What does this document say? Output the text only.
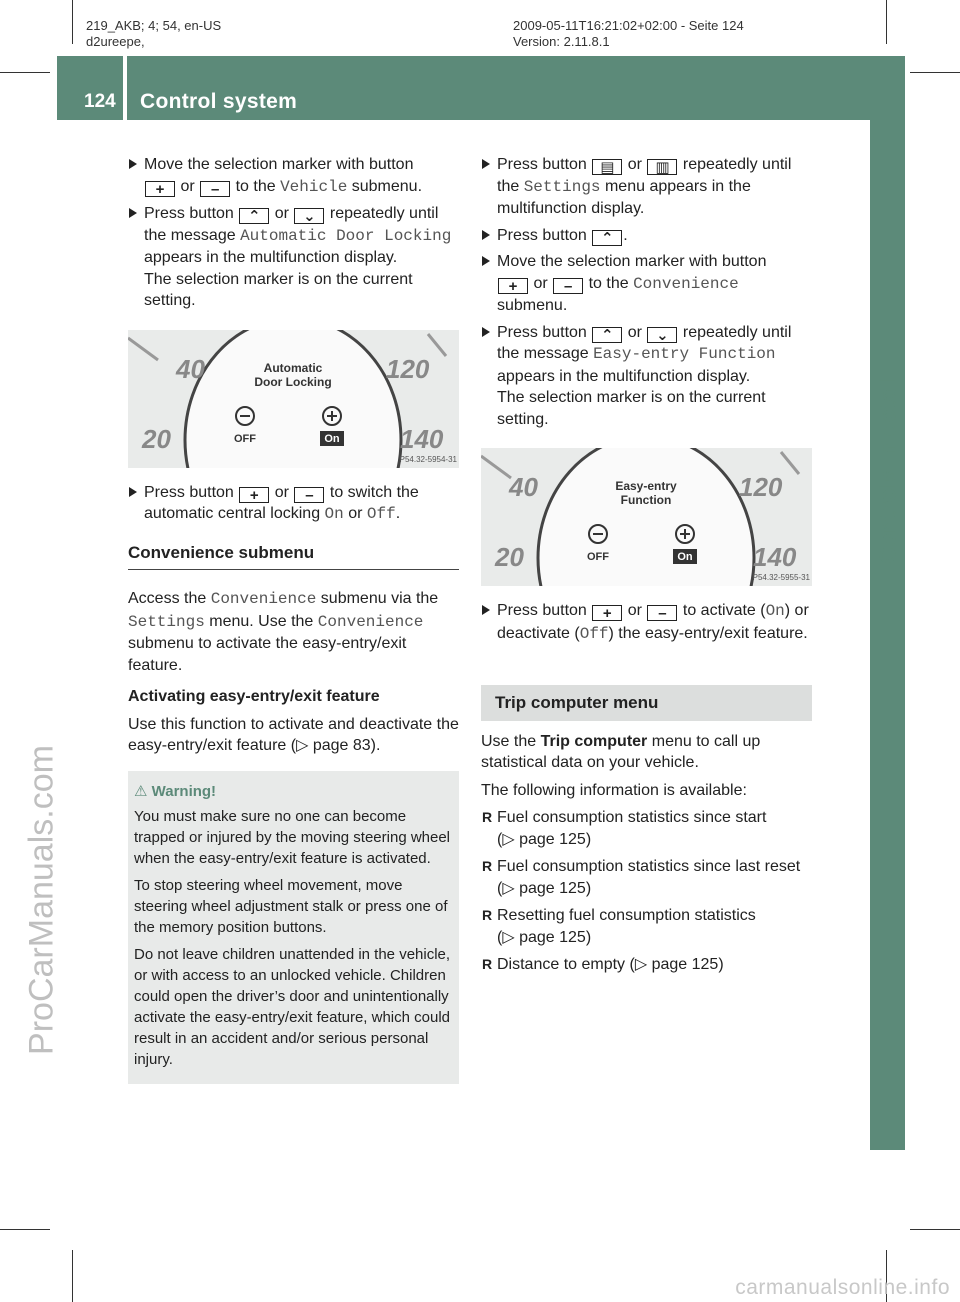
219_AKB; 4; 54, en-US
d2ureepe,
2009-05-11T16:21:02+02:00 - Seite 124
Version: 2.11.8.1
124 Control system
Controls in detail
ProCarManuals.com
carmanualsonline.info
Move the selection marker with button
+ or – to the Vehicle submenu.
Press button ⌃ or ⌄ repeatedly until the message Automatic Door Locking appears in the multifunction display.
The selection marker is on the current setting.
40
20
120
140
Automatic
Door Locking
OFF	On
P54.32-5954-31
Press button + or – to switch the automatic central locking On or Off.
Convenience submenu

Access the Convenience submenu via the Settings menu. Use the Convenience submenu to activate the easy-entry/exit feature.

Activating easy-entry/exit feature

Use this function to activate and deactivate the easy-entry/exit feature (▷ page 83).

⚠ Warning!

You must make sure no one can become trapped or injured by the moving steering wheel when the easy-entry/exit feature is activated.

To stop steering wheel movement, move steering wheel adjustment stalk or press one of the memory position buttons.

Do not leave children unattended in the vehicle, or with access to an unlocked vehicle. Children could open the driver’s door and unintentionally activate the easy-entry/exit feature, which could result in an accident and/or serious personal injury.

Press button ▤ or ▥ repeatedly until the Settings menu appears in the multifunction display.
Press button ⌃ .
Move the selection marker with button
+ or – to the Convenience submenu.
Press button ⌃ or ⌄ repeatedly until the message Easy-entry Function appears in the multifunction display.
The selection marker is on the current setting.
40
20
120
140
Easy-entry
Function
OFF	On
P54.32-5955-31
Press button + or – to activate (On) or deactivate (Off) the easy-entry/exit feature.
Trip computer menu

Use the Trip computer menu to call up statistical data on your vehicle.

The following information is available:

R Fuel consumption statistics since start
(▷ page 125)
R Fuel consumption statistics since last reset
(▷ page 125)
R Resetting fuel consumption statistics
(▷ page 125)
R Distance to empty (▷ page 125)
